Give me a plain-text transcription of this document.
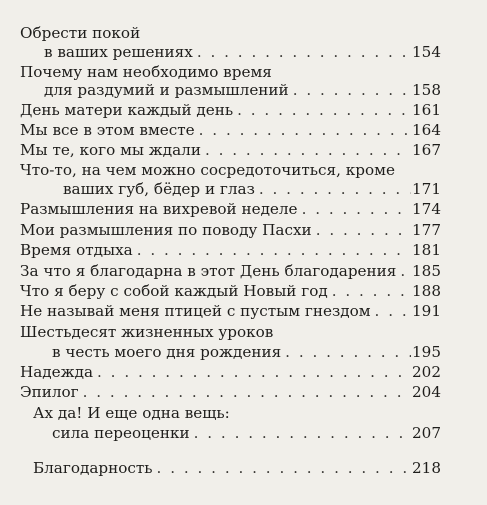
Обрести покой
в ваших решениях . . .	154
Почему нам необходимо время
для раздумий и размышлений . . .	158
День матери каждый день . . .	161
Мы все в этом вместе . . .	164
Мы те, кого мы ждали . . .	167
Что-то, на чем можно сосредоточиться, кроме
ваших губ, бёдер и глаз . . .	171
Размышления на вихревой неделе . . .	174
Мои размышления по поводу Пасхи . . .	177
Время отдыха . . .	181
За что я благодарна в этот День благодарения . . . 185
Что я беру с собой каждый Новый год . . .	188
Не называй меня птицей с пустым гнездом . . .	191
Шестьдесят жизненных уроков
в честь моего дня рождения . . .	195
Надежда . . .	202
Эпилог . . .	204
Ах да! И еще одна вещь:
сила переоценки . . .	207
Благодарность . . .	218
